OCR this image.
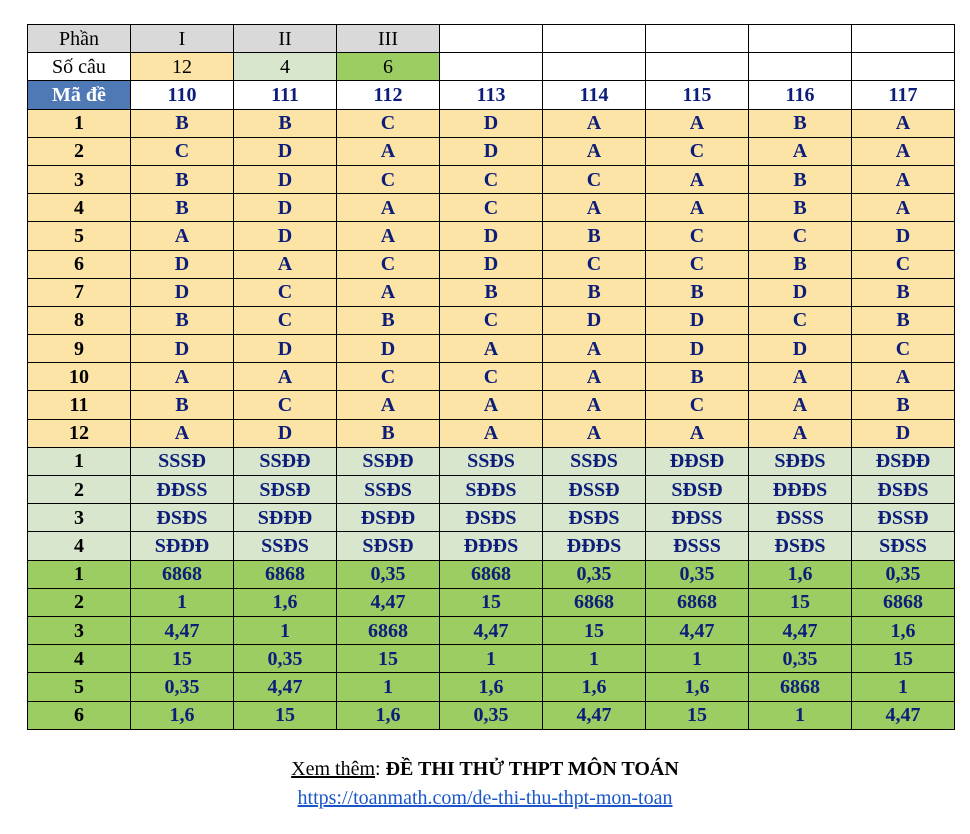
Phần	I	II	III					
Số câu	12	4	6					
Mã đề	110	111	112	113	114	115	116	117
1	B	B	C	D	A	A	B	A
2	C	D	A	D	A	C	A	A
3	B	D	C	C	C	A	B	A
4	B	D	A	C	A	A	B	A
5	A	D	A	D	B	C	C	D
6	D	A	C	D	C	C	B	C
7	D	C	A	B	B	B	D	B
8	B	C	B	C	D	D	C	B
9	D	D	D	A	A	D	D	C
10	A	A	C	C	A	B	A	A
11	B	C	A	A	A	C	A	B
12	A	D	B	A	A	A	A	D
1	SSSĐ	SSĐĐ	SSĐĐ	SSĐS	SSĐS	ĐĐSĐ	SĐĐS	ĐSĐĐ
2	ĐĐSS	SĐSĐ	SSĐS	SĐĐS	ĐSSĐ	SĐSĐ	ĐĐĐS	ĐSĐS
3	ĐSĐS	SĐĐĐ	ĐSĐĐ	ĐSĐS	ĐSĐS	ĐĐSS	ĐSSS	ĐSSĐ
4	SĐĐĐ	SSĐS	SĐSĐ	ĐĐĐS	ĐĐĐS	ĐSSS	ĐSĐS	SĐSS
1	6868	6868	0,35	6868	0,35	0,35	1,6	0,35
2	1	1,6	4,47	15	6868	6868	15	6868
3	4,47	1	6868	4,47	15	4,47	4,47	1,6
4	15	0,35	15	1	1	1	0,35	15
5	0,35	4,47	1	1,6	1,6	1,6	6868	1
6	1,6	15	1,6	0,35	4,47	15	1	4,47
Xem thêm: ĐỀ THI THỬ THPT MÔN TOÁN
https://toanmath.com/de-thi-thu-thpt-mon-toan
